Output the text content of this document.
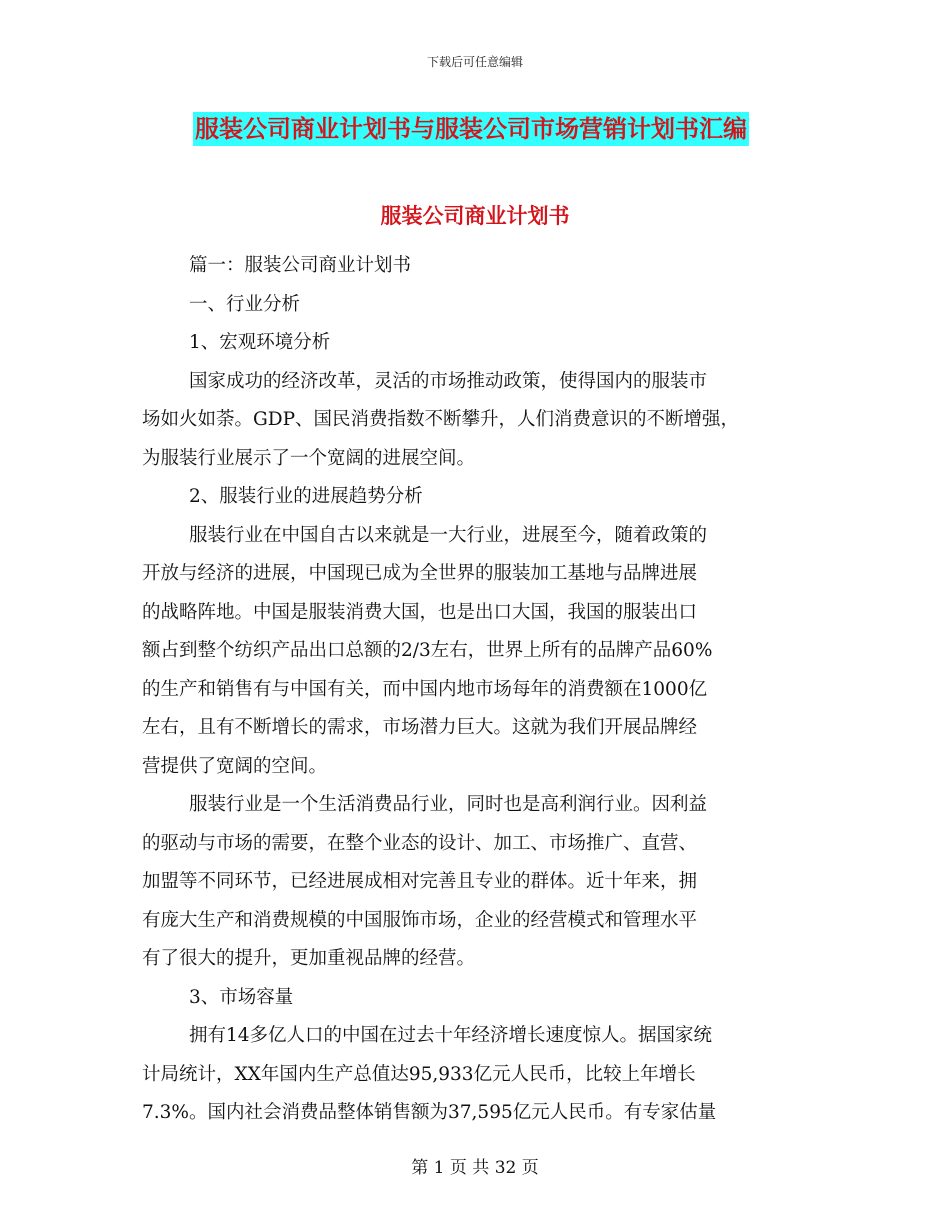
下载后可任意编辑
服装公司商业计划书与服装公司市场营销计划书汇编
服装公司商业计划书
篇一：服装公司商业计划书
一、行业分析
1、宏观环境分析
国家成功的经济改革，灵活的市场推动政策，使得国内的服装市
场如火如荼。GDP、国民消费指数不断攀升，人们消费意识的不断增强，
为服装行业展示了一个宽阔的进展空间。
2、服装行业的进展趋势分析
服装行业在中国自古以来就是一大行业，进展至今，随着政策的
开放与经济的进展，中国现已成为全世界的服装加工基地与品牌进展
的战略阵地。中国是服装消费大国，也是出口大国，我国的服装出口
额占到整个纺织产品出口总额的2/3左右，世界上所有的品牌产品60%
的生产和销售有与中国有关，而中国内地市场每年的消费额在1000亿
左右，且有不断增长的需求，市场潜力巨大。这就为我们开展品牌经
营提供了宽阔的空间。
服装行业是一个生活消费品行业，同时也是高利润行业。因利益
的驱动与市场的需要，在整个业态的设计、加工、市场推广、直营、
加盟等不同环节，已经进展成相对完善且专业的群体。近十年来，拥
有庞大生产和消费规模的中国服饰市场，企业的经营模式和管理水平
有了很大的提升，更加重视品牌的经营。
3、市场容量
拥有14多亿人口的中国在过去十年经济增长速度惊人。据国家统
计局统计，XX年国内生产总值达95,933亿元人民币，比较上年增长
7.3%。国内社会消费品整体销售额为37,595亿元人民币。有专家估量
第 1 页 共 32 页
